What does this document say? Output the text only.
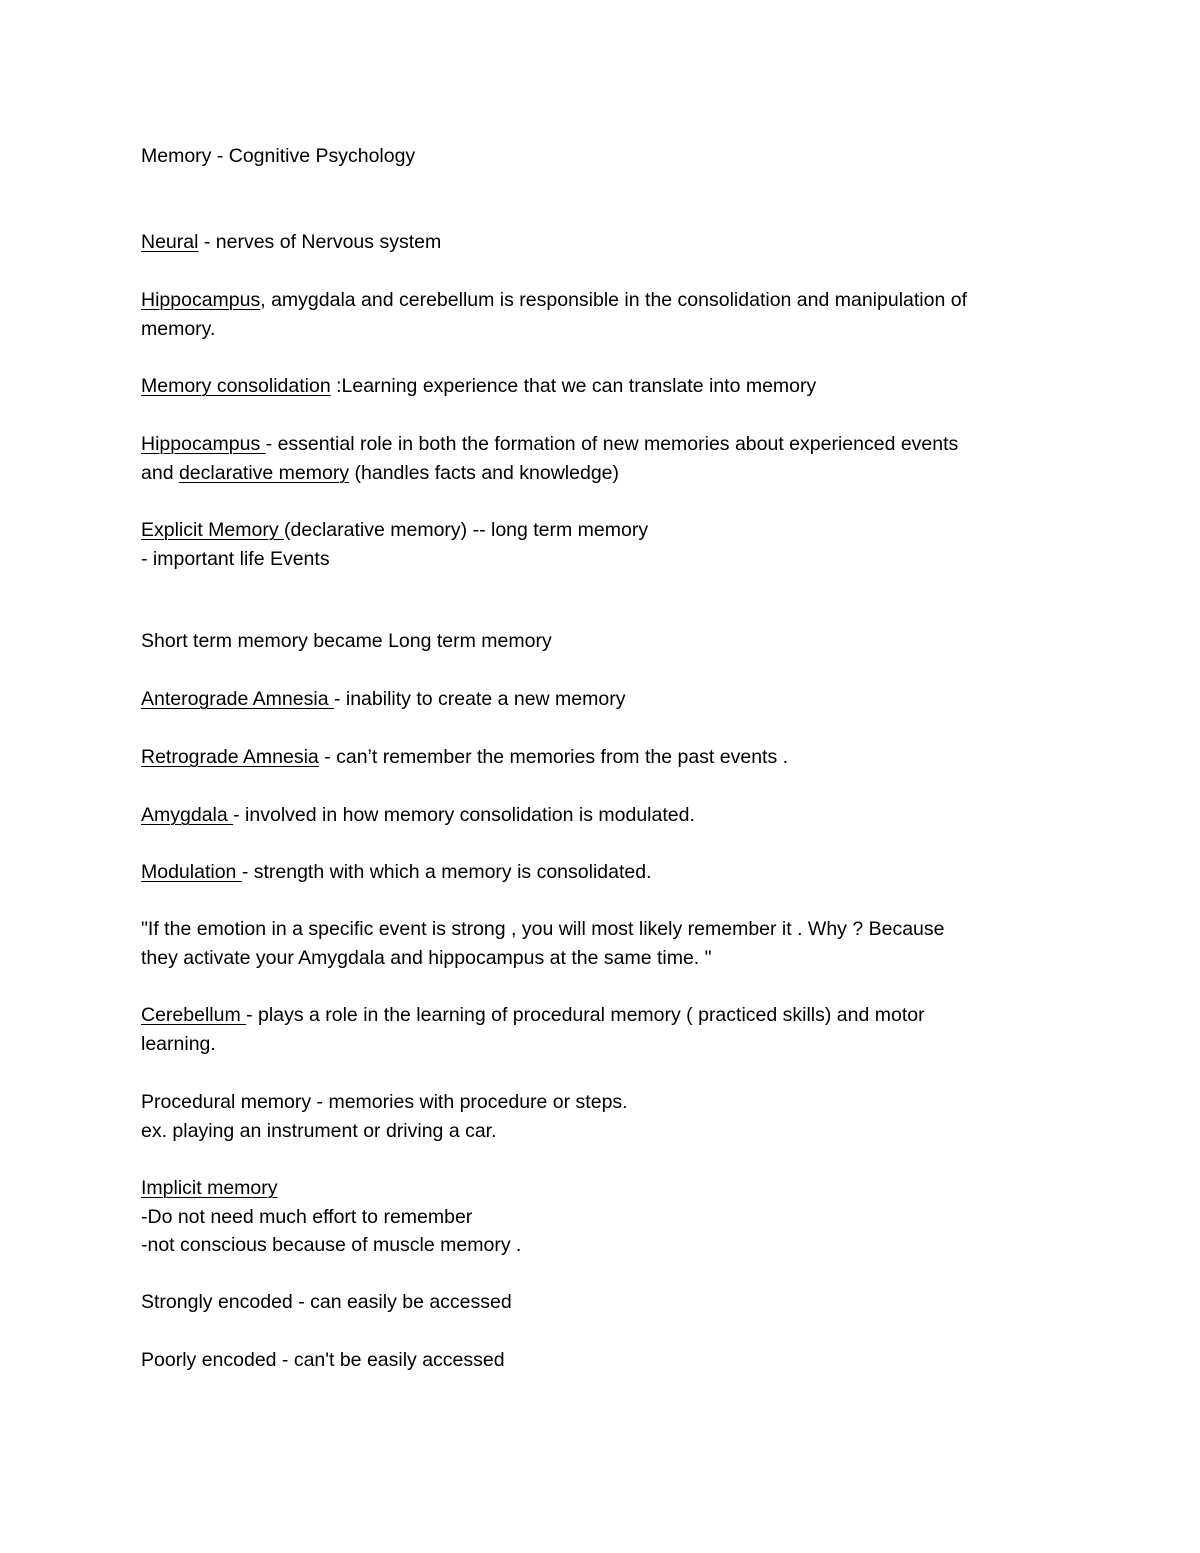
Memory - Cognitive Psychology
Neural - nerves of Nervous system
Hippocampus, amygdala and cerebellum is responsible in the consolidation and manipulation of
memory.
Memory consolidation :Learning experience that we can translate into memory
Hippocampus - essential role in both the formation of new memories about experienced events
and declarative memory (handles facts and knowledge)
Explicit Memory (declarative memory) -- long term memory
- important life Events
Short term memory became Long term memory
Anterograde Amnesia - inability to create a new memory
Retrograde Amnesia - can’t remember the memories from the past events .
Amygdala - involved in how memory consolidation is modulated.
Modulation - strength with which a memory is consolidated.
"If the emotion in a specific event is strong , you will most likely remember it . Why ? Because
they activate your Amygdala and hippocampus at the same time. "
Cerebellum - plays a role in the learning of procedural memory ( practiced skills) and motor
learning.
Procedural memory - memories with procedure or steps.
ex. playing an instrument or driving a car.
Implicit memory
-Do not need much effort to remember
-not conscious because of muscle memory .
Strongly encoded - can easily be accessed
Poorly encoded - can't be easily accessed
